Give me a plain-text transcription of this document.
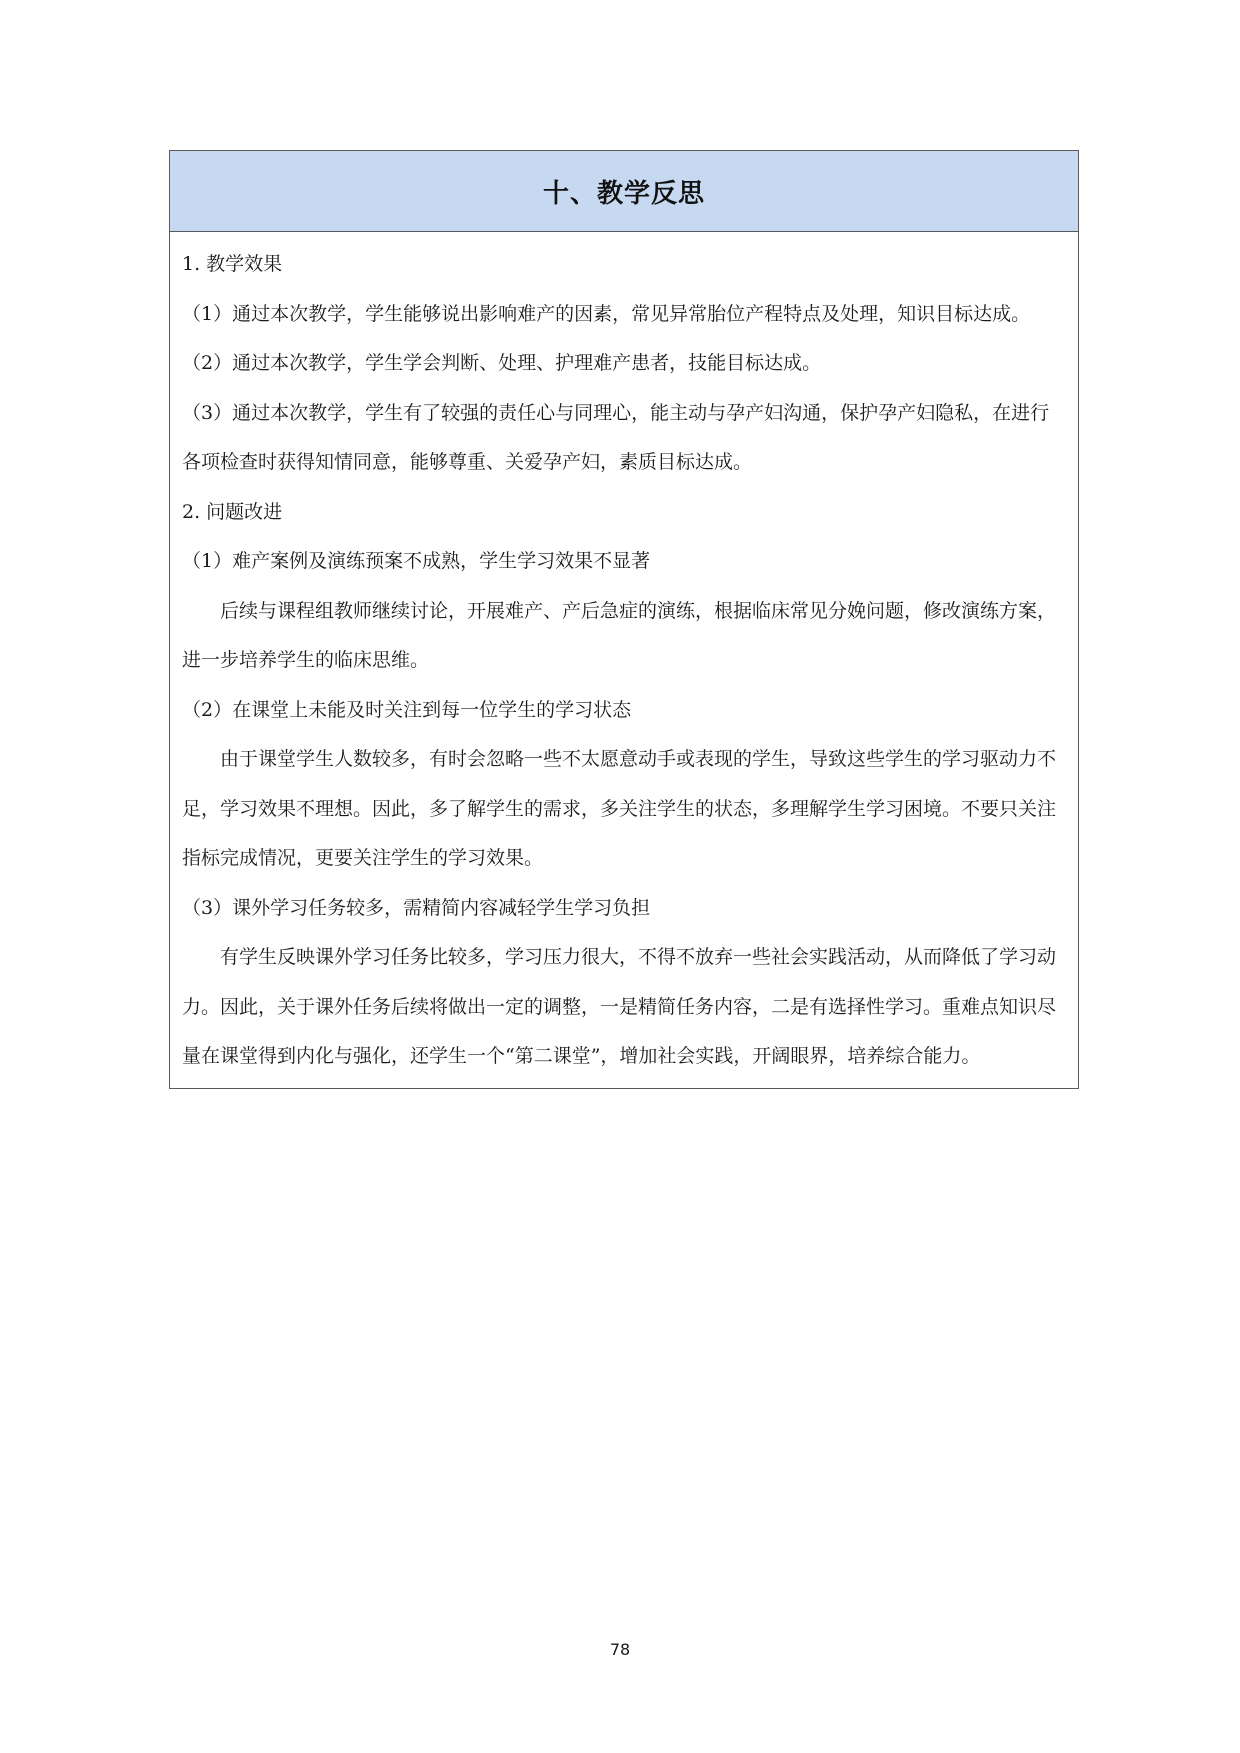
十、教学反思

1. 教学效果

（1）通过本次教学，学生能够说出影响难产的因素，常见异常胎位产程特点及处理，知识目标达成。

（2）通过本次教学，学生学会判断、处理、护理难产患者，技能目标达成。

（3）通过本次教学，学生有了较强的责任心与同理心，能主动与孕产妇沟通，保护孕产妇隐私，在进行各项检查时获得知情同意，能够尊重、关爱孕产妇，素质目标达成。

2. 问题改进

（1）难产案例及演练预案不成熟，学生学习效果不显著

后续与课程组教师继续讨论，开展难产、产后急症的演练，根据临床常见分娩问题，修改演练方案，进一步培养学生的临床思维。

（2）在课堂上未能及时关注到每一位学生的学习状态

由于课堂学生人数较多，有时会忽略一些不太愿意动手或表现的学生，导致这些学生的学习驱动力不足，学习效果不理想。因此，多了解学生的需求，多关注学生的状态，多理解学生学习困境。不要只关注指标完成情况，更要关注学生的学习效果。

（3）课外学习任务较多，需精简内容减轻学生学习负担

有学生反映课外学习任务比较多，学习压力很大，不得不放弃一些社会实践活动，从而降低了学习动力。因此，关于课外任务后续将做出一定的调整，一是精简任务内容，二是有选择性学习。重难点知识尽量在课堂得到内化与强化，还学生一个“第二课堂”，增加社会实践，开阔眼界，培养综合能力。

78
